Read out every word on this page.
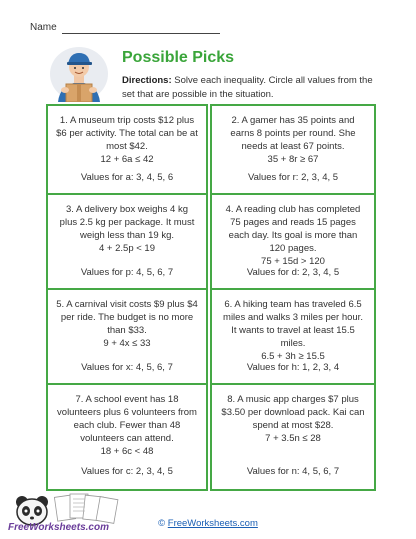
Name
Possible Picks
Directions: Solve each inequality. Circle all values from the set that are possible in the situation.
1. A museum trip costs $12 plus $6 per activity. The total can be at most $42.
12 + 6a ≤ 42
Values for a: 3, 4, 5, 6
2. A gamer has 35 points and earns 8 points per round. She needs at least 67 points.
35 + 8r ≥ 67
Values for r: 2, 3, 4, 5
3. A delivery box weighs 4 kg plus 2.5 kg per package. It must weigh less than 19 kg.
4 + 2.5p < 19
Values for p: 4, 5, 6, 7
4. A reading club has completed 75 pages and reads 15 pages each day. Its goal is more than 120 pages.
75 + 15d > 120
Values for d: 2, 3, 4, 5
5. A carnival visit costs $9 plus $4 per ride. The budget is no more than $33.
9 + 4x ≤ 33
Values for x: 4, 5, 6, 7
6. A hiking team has traveled 6.5 miles and walks 3 miles per hour. It wants to travel at least 15.5 miles.
6.5 + 3h ≥ 15.5
Values for h: 1, 2, 3, 4
7. A school event has 18 volunteers plus 6 volunteers from each club. Fewer than 48 volunteers can attend.
18 + 6c < 48
Values for c: 2, 3, 4, 5
8. A music app charges $7 plus $3.50 per download pack. Kai can spend at most $28.
7 + 3.5n ≤ 28
Values for n: 4, 5, 6, 7
FreeWorksheets.com	© FreeWorksheets.com
